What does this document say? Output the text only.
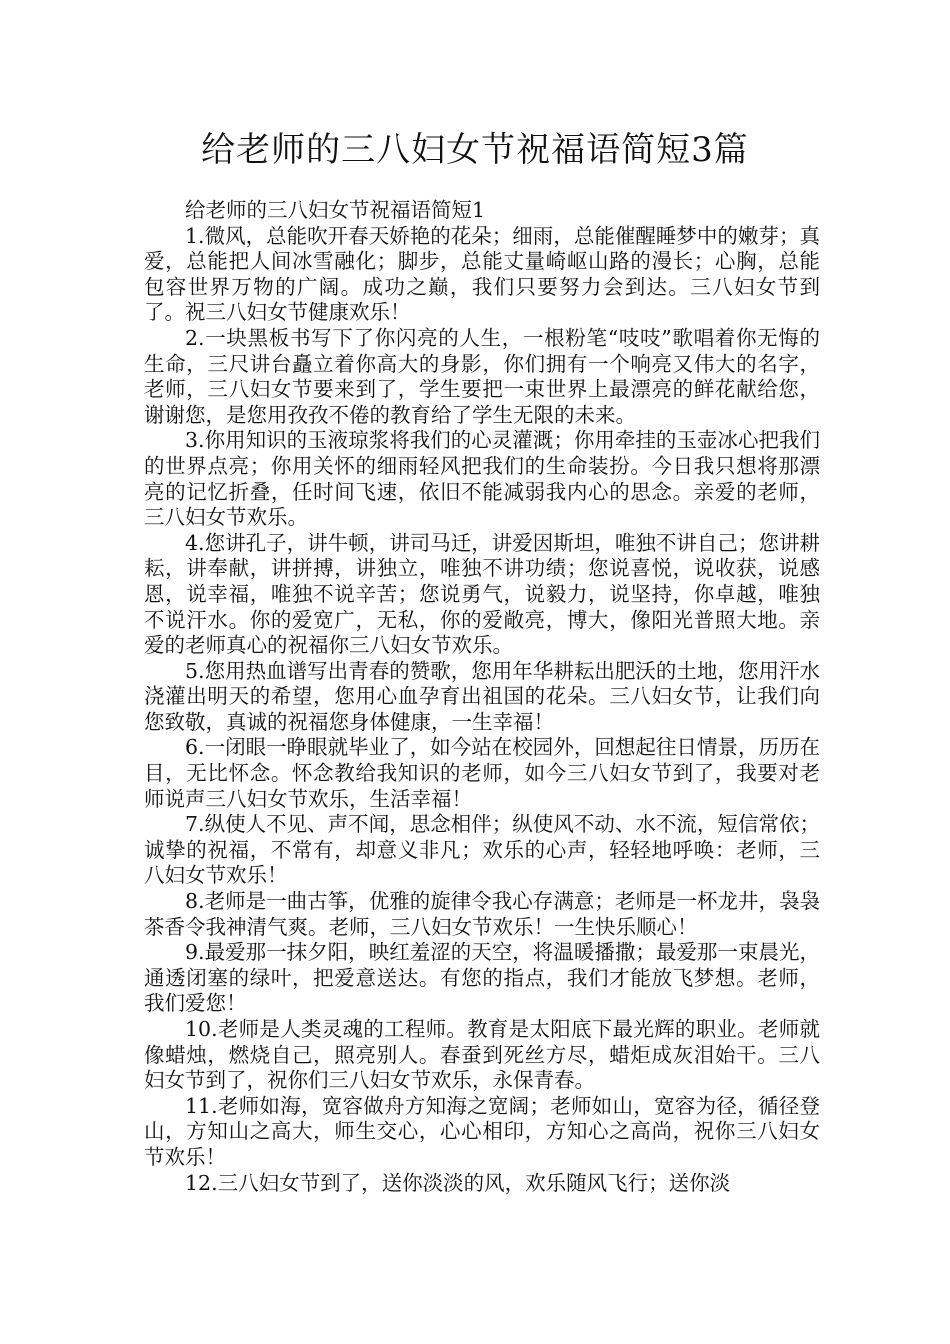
给老师的三八妇女节祝福语简短3篇

给老师的三八妇女节祝福语简短1

1.微风，总能吹开春天娇艳的花朵；细雨，总能催醒睡梦中的嫩芽；真爱，总能把人间冰雪融化；脚步，总能丈量崎岖山路的漫长；心胸，总能包容世界万物的广阔。成功之巅，我们只要努力会到达。三八妇女节到了。祝三八妇女节健康欢乐！

2.一块黑板书写下了你闪亮的人生，一根粉笔“吱吱”歌唱着你无悔的生命，三尺讲台矗立着你高大的身影，你们拥有一个响亮又伟大的名字，老师，三八妇女节要来到了，学生要把一束世界上最漂亮的鲜花献给您，谢谢您，是您用孜孜不倦的教育给了学生无限的未来。

3.你用知识的玉液琼浆将我们的心灵灌溉；你用牵挂的玉壶冰心把我们的世界点亮；你用关怀的细雨轻风把我们的生命装扮。今日我只想将那漂亮的记忆折叠，任时间飞速，依旧不能减弱我内心的思念。亲爱的老师，三八妇女节欢乐。

4.您讲孔子，讲牛顿，讲司马迁，讲爱因斯坦，唯独不讲自己；您讲耕耘，讲奉献，讲拼搏，讲独立，唯独不讲功绩；您说喜悦，说收获，说感恩，说幸福，唯独不说辛苦；您说勇气，说毅力，说坚持，你卓越，唯独不说汗水。你的爱宽广，无私，你的爱敞亮，博大，像阳光普照大地。亲爱的老师真心的祝福你三八妇女节欢乐。

5.您用热血谱写出青春的赞歌，您用年华耕耘出肥沃的土地，您用汗水浇灌出明天的希望，您用心血孕育出祖国的花朵。三八妇女节，让我们向您致敬，真诚的祝福您身体健康，一生幸福！

6.一闭眼一睁眼就毕业了，如今站在校园外，回想起往日情景，历历在目，无比怀念。怀念教给我知识的老师，如今三八妇女节到了，我要对老师说声三八妇女节欢乐，生活幸福！

7.纵使人不见、声不闻，思念相伴；纵使风不动、水不流，短信常依；诚挚的祝福，不常有，却意义非凡；欢乐的心声，轻轻地呼唤：老师，三八妇女节欢乐！

8.老师是一曲古筝，优雅的旋律令我心存满意；老师是一杯龙井，袅袅茶香令我神清气爽。老师，三八妇女节欢乐！一生快乐顺心！

9.最爱那一抹夕阳，映红羞涩的天空，将温暖播撒；最爱那一束晨光，通透闭塞的绿叶，把爱意送达。有您的指点，我们才能放飞梦想。老师，我们爱您！

10.老师是人类灵魂的工程师。教育是太阳底下最光辉的职业。老师就像蜡烛，燃烧自己，照亮别人。春蚕到死丝方尽，蜡炬成灰泪始干。三八妇女节到了，祝你们三八妇女节欢乐，永保青春。

11.老师如海，宽容做舟方知海之宽阔；老师如山，宽容为径，循径登山，方知山之高大，师生交心，心心相印，方知心之高尚，祝你三八妇女节欢乐！

12.三八妇女节到了，送你淡淡的风，欢乐随风飞行；送你淡
